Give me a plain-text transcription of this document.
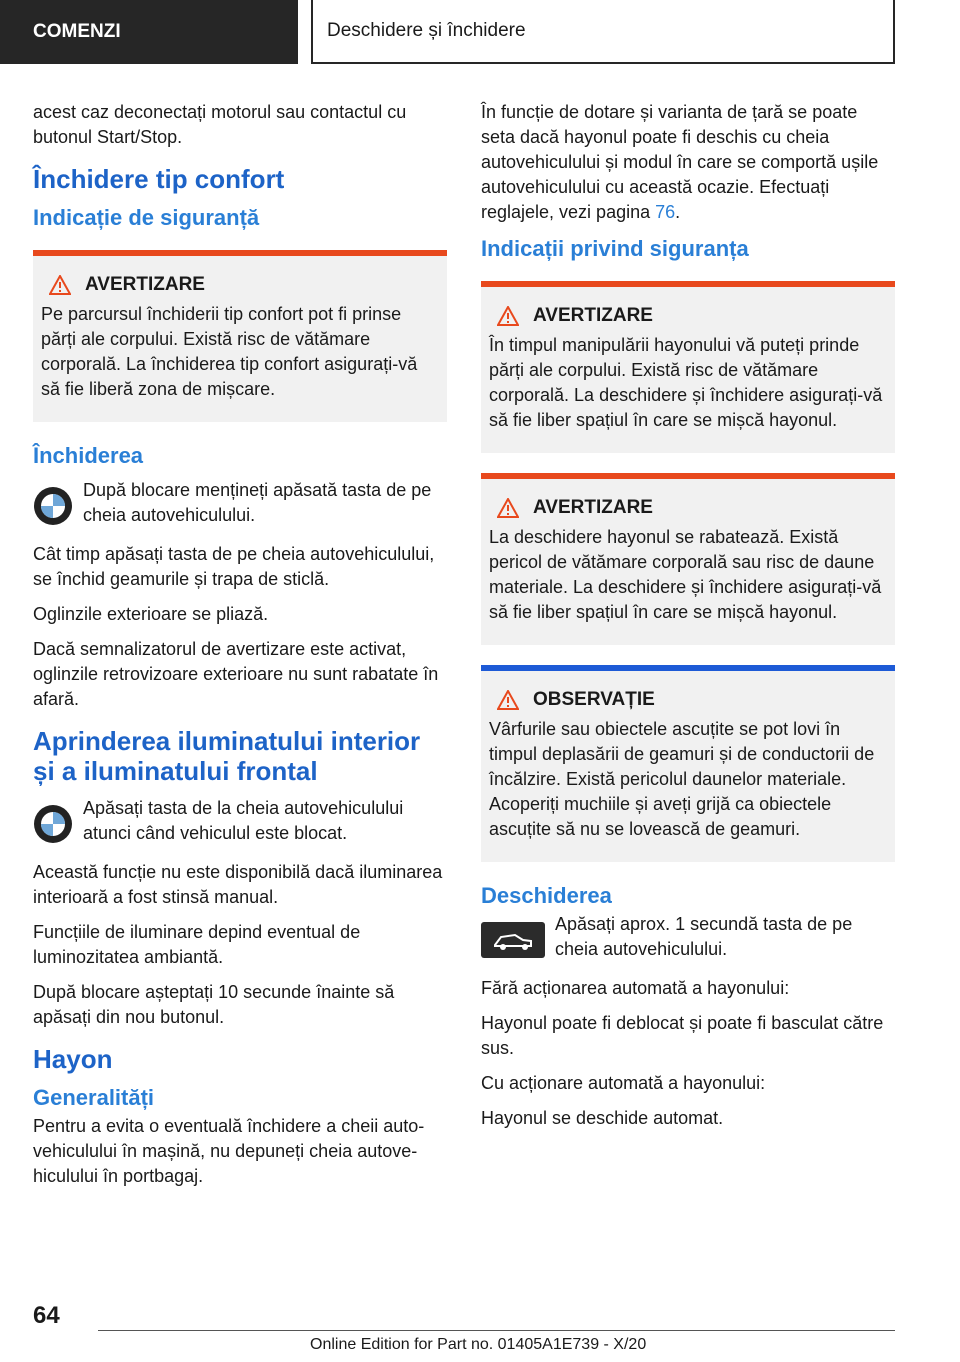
COMENZI	Deschidere și închidere

acest caz deconectați motorul sau contactul cu butonul Start/Stop.

Închidere tip confort
Indicație de siguranță
AVERTIZARE

Pe parcursul închiderii tip confort pot fi prinse părți ale corpului. Există risc de vătămare corporală. La închiderea tip confort asigurați-vă să fie liberă zona de mișcare.

Închiderea

După blocare mențineți apăsată tasta de pe cheia autovehiculului.

Cât timp apăsați tasta de pe cheia autovehiculului, se închid geamurile și trapa de sticlă.

Oglinzile exterioare se pliază.

Dacă semnalizatorul de avertizare este activat, oglinzile retrovizoare exterioare nu sunt rabatate în afară.

Aprinderea iluminatului interior și a iluminatului frontal

Apăsați tasta de la cheia autovehiculului atunci când vehiculul este blocat.

Această funcție nu este disponibilă dacă iluminarea interioară a fost stinsă manual.

Funcțiile de iluminare depind eventual de luminozitatea ambiantă.

După blocare așteptați 10 secunde înainte să apăsați din nou butonul.

Hayon
Generalități

Pentru a evita o eventuală închidere a cheii autovehiculului în mașină, nu depuneți cheia autovehiculului în portbagaj.

În funcție de dotare și varianta de țară se poate seta dacă hayonul poate fi deschis cu cheia autovehiculului și modul în care se comportă ușile autovehiculului cu această ocazie. Efectuați reglajele, vezi pagina 76.

Indicații privind siguranța
AVERTIZARE

În timpul manipulării hayonului vă puteți prinde părți ale corpului. Există risc de vătămare corporală. La deschidere și închidere asigurați-vă să fie liber spațiul în care se mișcă hayonul.

AVERTIZARE

La deschidere hayonul se rabatează. Există pericol de vătămare corporală sau risc de daune materiale. La deschidere și închidere asigurați-vă să fie liber spațiul în care se mișcă hayonul.

OBSERVAȚIE

Vârfurile sau obiectele ascuțite se pot lovi în timpul deplasării de geamuri și de conductorii de încălzire. Există pericolul daunelor materiale. Acoperiți muchiile și aveți grijă ca obiectele ascuțite să nu se lovească de geamuri.

Deschiderea

Apăsați aprox. 1 secundă tasta de pe cheia autovehiculului.

Fără acționarea automată a hayonului:

Hayonul poate fi deblocat și poate fi basculat către sus.

Cu acționare automată a hayonului:

Hayonul se deschide automat.

64
Online Edition for Part no. 01405A1E739 - X/20
